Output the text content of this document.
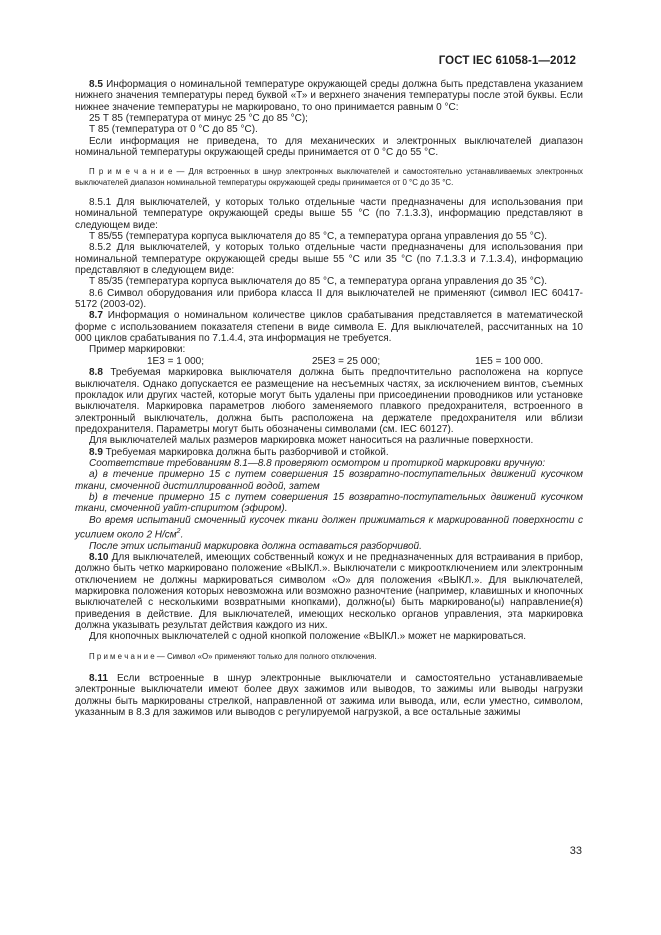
ГОСТ IEC 61058-1—2012

8.5 Информация о номинальной температуре окружающей среды должна быть представлена указанием нижнего значения температуры перед буквой «Т» и верхнего значения температуры после этой буквы. Если нижнее значение температуры не маркировано, то оно принимается равным 0 °С:

25 Т 85 (температура от минус 25 °С до 85 °С);

Т 85 (температура от 0 °С до 85 °С).

Если информация не приведена, то для механических и электронных выключателей диапазон номинальной температуры окружающей среды принимается от 0 °С до 55 °С.

П р и м е ч а н и е — Для встроенных в шнур электронных выключателей и самостоятельно устанавливаемых электронных выключателей диапазон номинальной температуры окружающей среды принимается от 0 °С до 35 °С.

8.5.1 Для выключателей, у которых только отдельные части предназначены для использования при номинальной температуре окружающей среды выше 55 °С (по 7.1.3.3), информацию представляют в следующем виде:

Т 85/55 (температура корпуса выключателя до 85 °С, а температура органа управления до 55 °С).

8.5.2 Для выключателей, у которых только отдельные части предназначены для использования при номинальной температуре окружающей среды выше 55 °С или 35 °С (по 7.1.3.3 и 7.1.3.4), информацию представляют в следующем виде:

Т 85/35 (температура корпуса выключателя до 85 °С, а температура органа управления до 35 °С).

8.6 Символ оборудования или прибора класса II для выключателей не применяют (символ IEC 60417-5172 (2003-02).

8.7 Информация о номинальном количестве циклов срабатывания представляется в математической форме с использованием показателя степени в виде символа Е. Для выключателей, рассчитанных на 10 000 циклов срабатывания по 7.1.4.4, эта информация не требуется.

Пример маркировки:

1Е3 = 1 000;	25Е3 = 25 000;	1Е5 = 100 000.

8.8 Требуемая маркировка выключателя должна быть предпочтительно расположена на корпусе выключателя. Однако допускается ее размещение на несъемных частях, за исключением винтов, съемных прокладок или других частей, которые могут быть удалены при присоединении проводников или установке выключателя. Маркировка параметров любого заменяемого плавкого предохранителя, встроенного в электронный выключатель, должна быть расположена на держателе предохранителя или вблизи предохранителя. Параметры могут быть обозначены символами (см. IEC 60127).

Для выключателей малых размеров маркировка может наноситься на различные поверхности.

8.9 Требуемая маркировка должна быть разборчивой и стойкой.

Соответствие требованиям 8.1—8.8 проверяют осмотром и протиркой маркировки вручную:

а) в течение примерно 15 с путем совершения 15 возвратно-поступательных движений кусочком ткани, смоченной дистиллированной водой, затем

b) в течение примерно 15 с путем совершения 15 возвратно-поступательных движений кусочком ткани, смоченной уайт-спиритом (эфиром).

Во время испытаний смоченный кусочек ткани должен прижиматься к маркированной поверхности с усилием около 2 $Н/см^2$.

После этих испытаний маркировка должна оставаться разборчивой.

8.10 Для выключателей, имеющих собственный кожух и не предназначенных для встраивания в прибор, должно быть четко маркировано положение «ВЫКЛ.». Выключатели с микроотключением или электронным отключением не должны маркироваться символом «О» для положения «ВЫКЛ.». Для выключателей, маркировка положения которых невозможна или возможно разночтение (например, клавишных и кнопочных выключателей с несколькими возвратными кнопками), должно(ы) быть маркировано(ы) направление(я) приведения в действие. Для выключателей, имеющих несколько органов управления, эта маркировка должна указывать результат действия каждого из них.

Для кнопочных выключателей с одной кнопкой положение «ВЫКЛ.» может не маркироваться.

П р и м е ч а н и е — Символ «О» применяют только для полного отключения.

8.11 Если встроенные в шнур электронные выключатели и самостоятельно устанавливаемые электронные выключатели имеют более двух зажимов или выводов, то зажимы или выводы нагрузки должны быть маркированы стрелкой, направленной от зажима или вывода, или, если уместно, символом, указанным в 8.3 для зажимов или выводов с регулируемой нагрузкой, а все остальные зажимы

33
